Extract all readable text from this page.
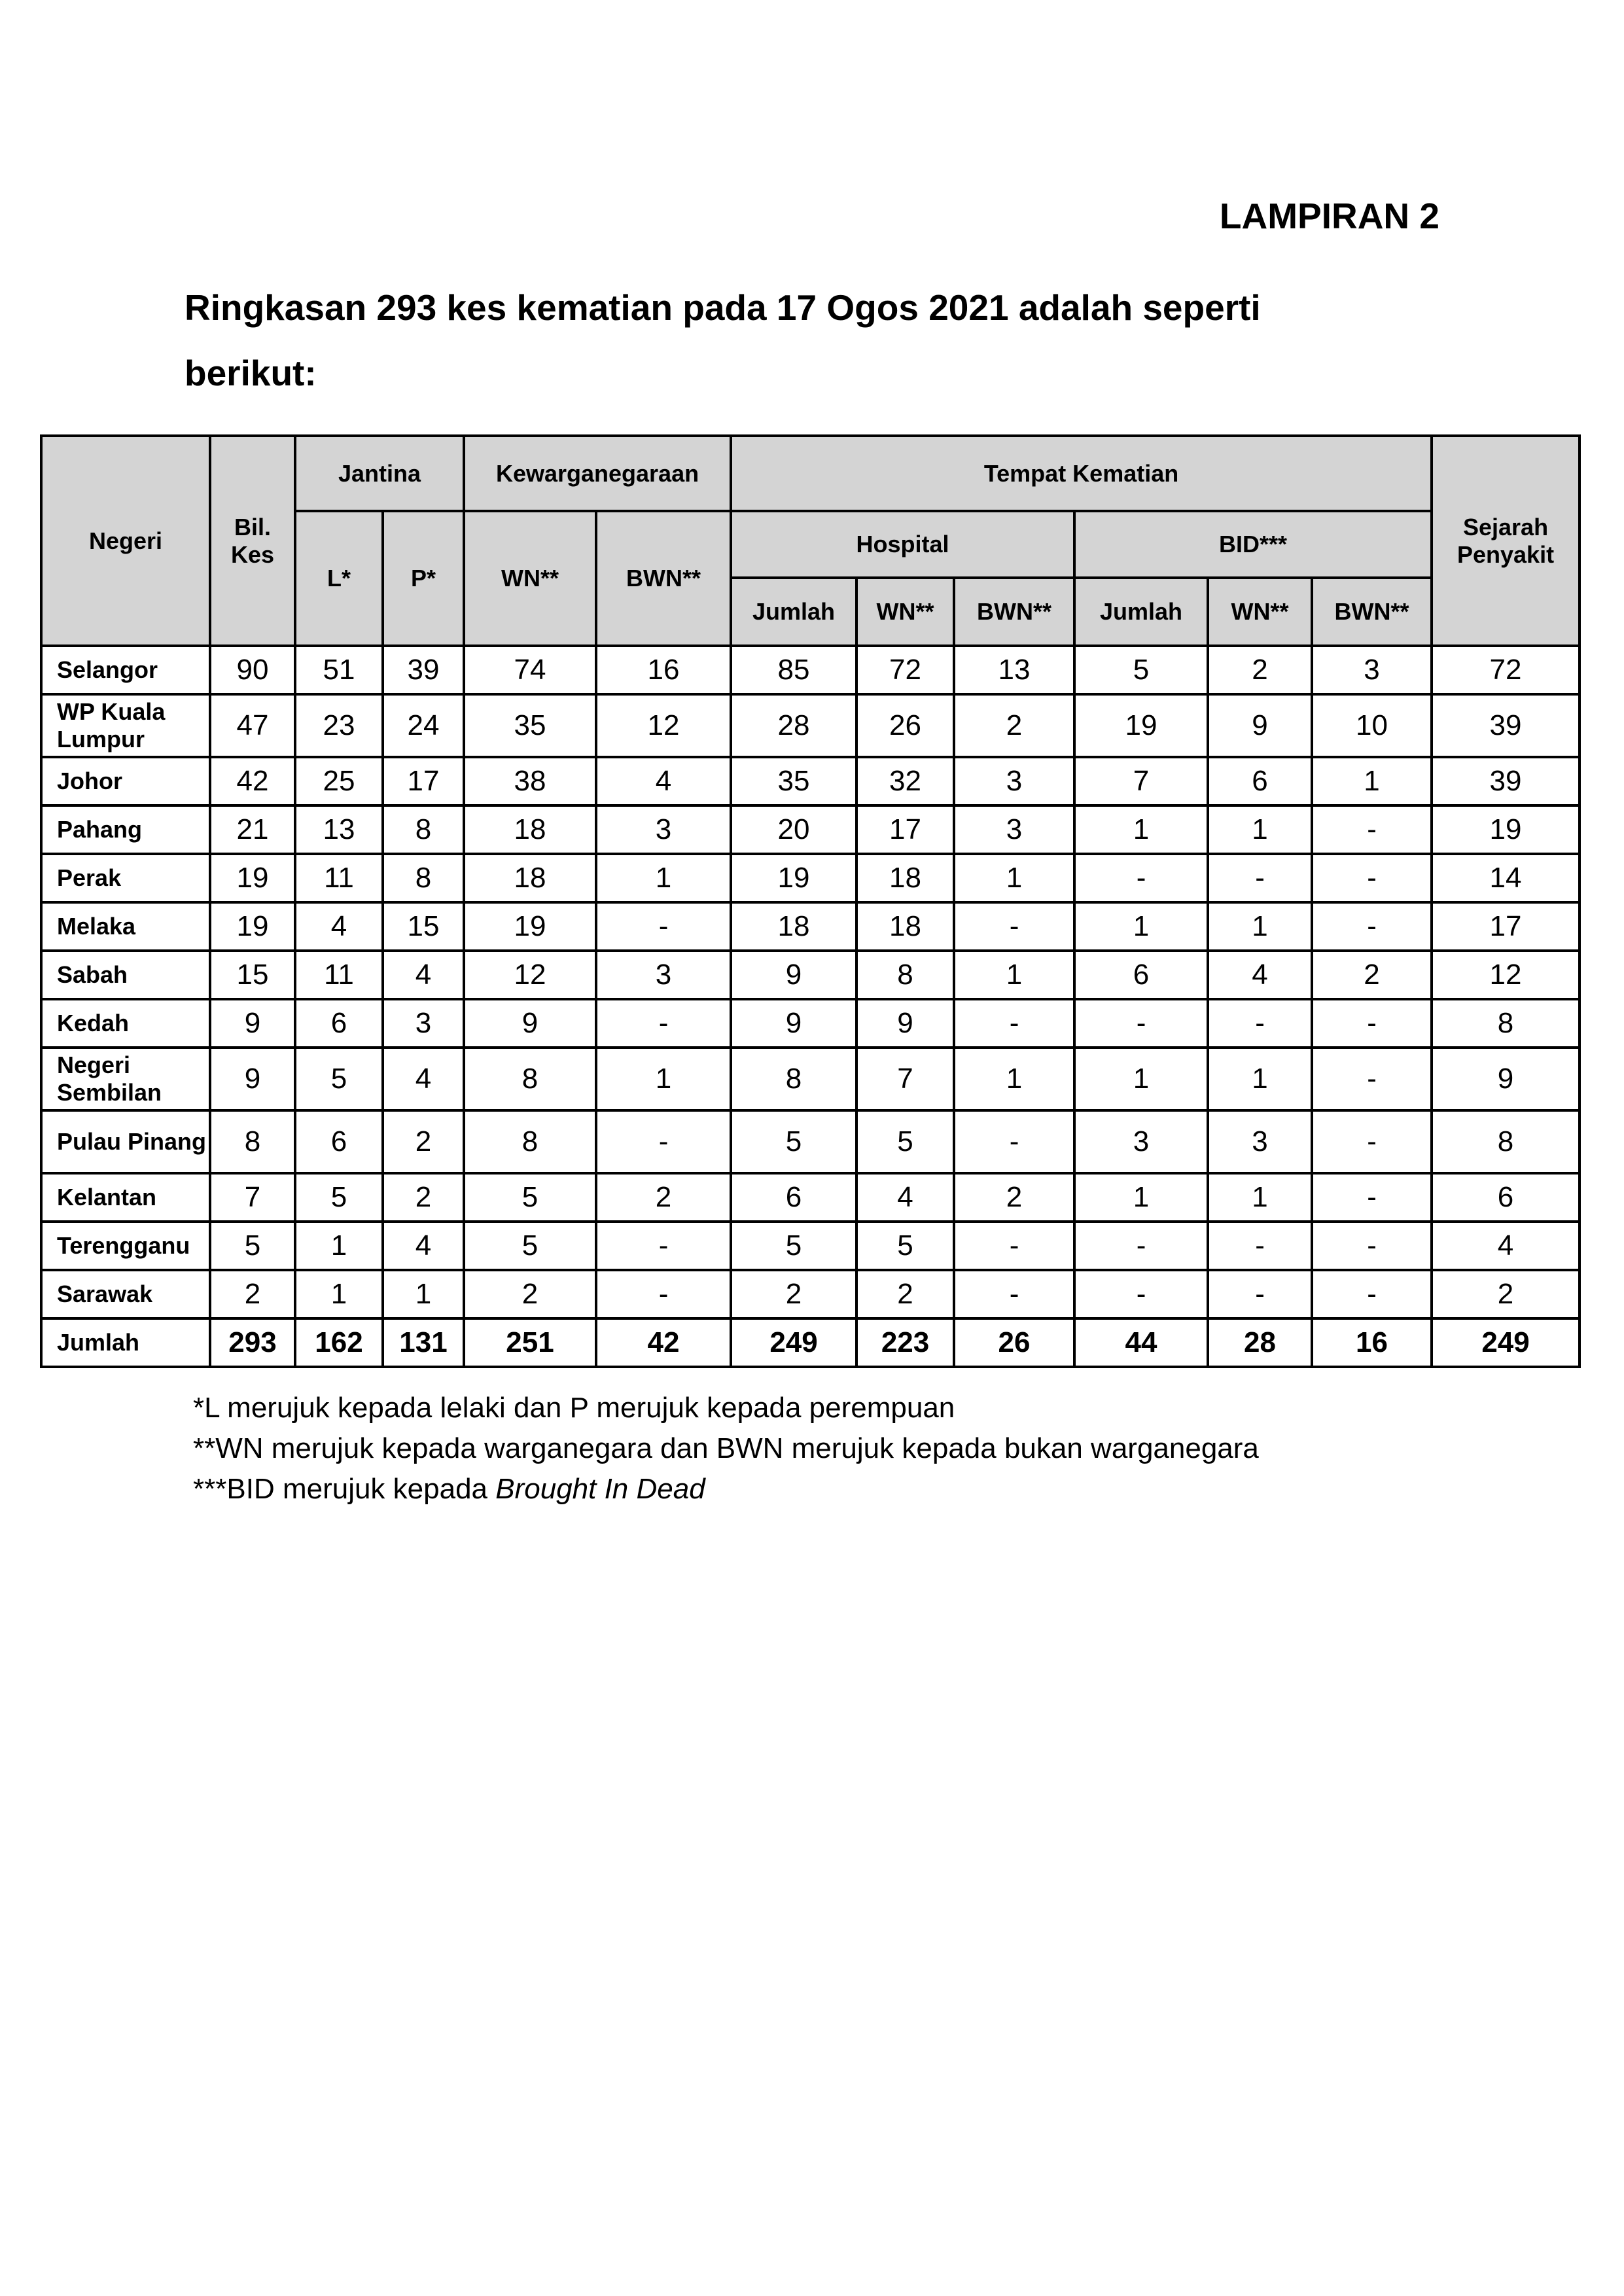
LAMPIRAN 2
Ringkasan 293 kes kematian pada 17 Ogos 2021 adalah seperti
berikut:
Negeri	Bil. Kes	Jantina		Kewarganegaraan		Tempat Kematian						Sejarah Penyakit
		L*	P*	WN**	BWN**	Hospital			BID***			
						Jumlah	WN**	BWN**	Jumlah	WN**	BWN**	
Selangor	90	51	39	74	16	85	72	13	5	2	3	72
WP Kuala Lumpur	47	23	24	35	12	28	26	2	19	9	10	39
Johor	42	25	17	38	4	35	32	3	7	6	1	39
Pahang	21	13	8	18	3	20	17	3	1	1	-	19
Perak	19	11	8	18	1	19	18	1	-	-	-	14
Melaka	19	4	15	19	-	18	18	-	1	1	-	17
Sabah	15	11	4	12	3	9	8	1	6	4	2	12
Kedah	9	6	3	9	-	9	9	-	-	-	-	8
Negeri Sembilan	9	5	4	8	1	8	7	1	1	1	-	9
Pulau Pinang	8	6	2	8	-	5	5	-	3	3	-	8
Kelantan	7	5	2	5	2	6	4	2	1	1	-	6
Terengganu	5	1	4	5	-	5	5	-	-	-	-	4
Sarawak	2	1	1	2	-	2	2	-	-	-	-	2
Jumlah	293	162	131	251	42	249	223	26	44	28	16	249
*L merujuk kepada lelaki dan P merujuk kepada perempuan
**WN merujuk kepada warganegara dan BWN merujuk kepada bukan warganegara
***BID merujuk kepada Brought In Dead
